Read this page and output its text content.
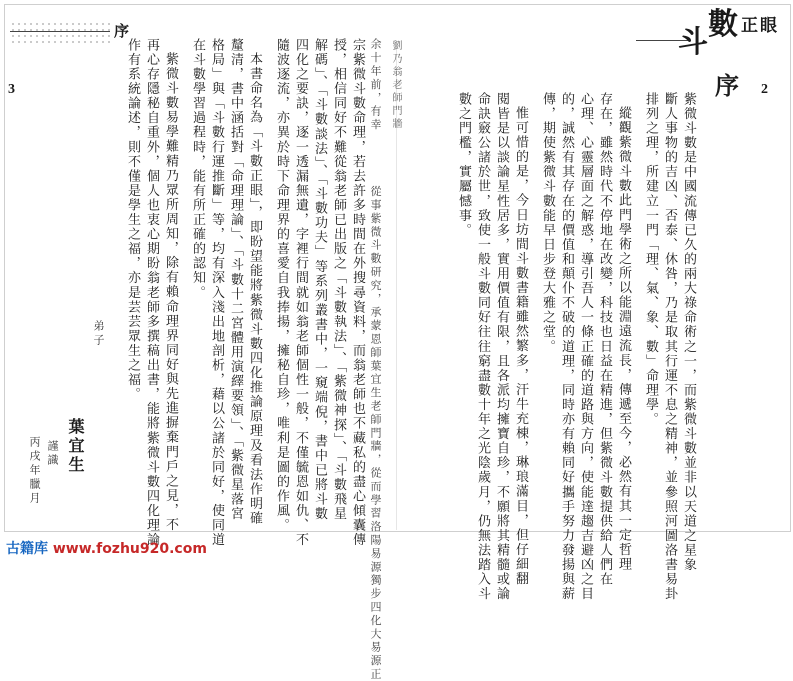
序	斗
數 正 眼
3	2
序
紫微斗數是中國流傳已久的兩大祿命術之一，而紫微斗數並非以天道之星象
斷人事物的吉凶、否泰、休咎，乃是取其行運不息之精神，並參照河圖洛書易卦
排列之理，所建立一門「理、氣、象、數」命理學。
縱觀紫微斗數此門學術之所以能淵遠流長，傳遞至今，必然有其一定哲理
存在，雖然時代不停地在改變，科技也日益在精進，但紫微斗數提供給人們在
心理、心靈層面之解惑，導引吾人一條正確的道路與方向，使能達趨吉避凶之目
的，誠然有其存在的價值和顛仆不破的道理，同時亦有賴同好攜手努力發揚與薪
傳，期使紫微斗數能早日步登大雅之堂。
惟可惜的是，今日坊間斗數書籍雖然繁多，汗牛充棟，琳琅滿目，但仔細翻
閱皆是以談論星性居多，實用價值有限，且各派均擁寶自珍，不願將其精髓或論
命訣竅公諸於世，致使一般斗數同好往往窮盡數十年之光陰歲月，仍無法踏入斗
數之門檻，實屬憾事。
余十年前，有幸　　　　從事紫微斗數研究，承蒙恩師葉宜生老師門牆，從而學習洛陽易源獨步四化大易源正
宗紫微斗數命理，若去許多時間在外搜尋資料，而翁老師也不藏私的盡心傾囊傳
授，相信同好不難從翁老師已出版之「斗數執法」、「紫微神探」、「斗數飛星
解碼」、「斗數談法」、「斗數功夫」等系列叢書中，一窺端倪，書中已將斗數
四化之要訣，逐一透漏無遺，字裡行間就如翁老師個性一般，不僅毓恩如仇、不
隨波逐流，亦異於時下命理界的喜愛自我捧揚，擁秘自珍，唯利是圖的作風。
本書命名為「斗數正眼」，即盼望能將紫微斗數四化推論原理及看法作明確
釐清，書中涵括對「命理理論」、「斗數十二宮體用演繹要領」、「紫微星落宮
格局」與「斗數行運推斷」等，均有深入淺出地剖析，藉以公諸於同好，使同道
在斗數學習過程時，能有所正確的認知。
紫微斗數易學難精乃眾所周知，除有賴命理界同好與先進摒棄門戶之見，不
再心存隱秘自重外，個人也衷心期盼翁老師多撰稿出書，能將紫微斗數四化理論
作有系統論述，則不僅是學生之福，亦是芸芸眾生之福。
弟子
葉宜生
謹識
劉乃翁老師門牆
丙戌年臘月
古籍库 www.fozhu920.com
